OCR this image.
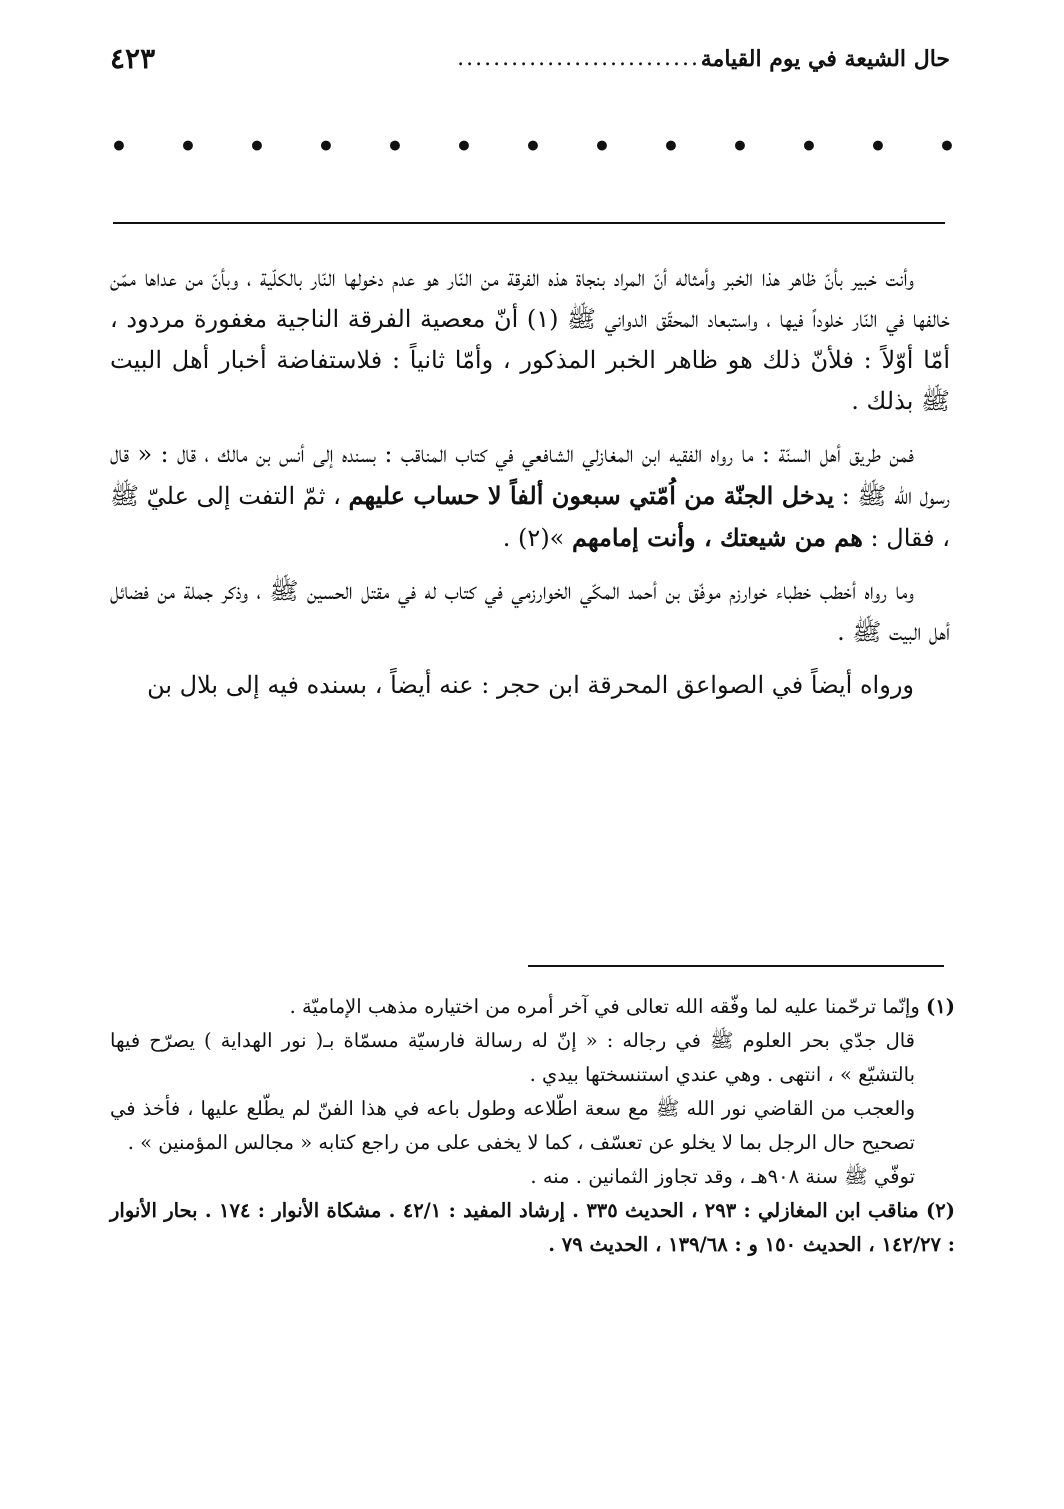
حال الشيعة في يوم القيامة
...........................
٤٢٣
• • • • • • • • • • • • •

وأنت خبير بأنّ ظاهر هذا الخبر وأمثاله أنّ المراد بنجاة هذه الفرقة من النّار هو عدم دخولها النّار بالكلّية ، وبأنّ من عداها ممّن خالفها في النّار خلوداً فيها ، واستبعاد المحقّق الدواني ﷺ (١) أنّ معصية الفرقة الناجية مغفورة مردود ، أمّا أوّلاً : فلأنّ ذلك هو ظاهر الخبر المذكور ، وأمّا ثانياً : فلاستفاضة أخبار أهل البيت ﷺ بذلك .

فمن طريق أهل السنّة : ما رواه الفقيه ابن المغازلي الشافعي في كتاب المناقب : بسنده إلى أنس بن مالك ، قال : « قال رسول الله ﷺ : يدخل الجنّة من اُمّتي سبعون ألفاً لا حساب عليهم ، ثمّ التفت إلى عليّ ﷺ ، فقال : هم من شيعتك ، وأنت إمامهم »(٢) .

وما رواه أخطب خطباء خوارزم موفّق بن أحمد المكّي الخوارزمي في كتاب له في مقتل الحسين ﷺ ، وذكر جملة من فضائل أهل البيت ﷺ .

ورواه أيضاً في الصواعق المحرقة ابن حجر : عنه أيضاً ، بسنده فيه إلى بلال بن

(١) وإنّما ترحّمنا عليه لما وفّقه الله تعالى في آخر أمره من اختياره مذهب الإماميّة .

قال جدّي بحر العلوم ﷺ في رجاله : « إنّ له رسالة فارسيّة مسمّاة بـ( نور الهداية ) يصرّح فيها بالتشيّع » ، انتهى . وهي عندي استنسختها بيدي .

والعجب من القاضي نور الله ﷺ مع سعة اطّلاعه وطول باعه في هذا الفنّ لم يطّلع عليها ، فأخذ في تصحيح حال الرجل بما لا يخلو عن تعسّف ، كما لا يخفى على من راجع كتابه « مجالس المؤمنين » .

توفّي ﷺ سنة ٩٠٨هـ ، وقد تجاوز الثمانين . منه .

(٢) مناقب ابن المغازلي : ٢٩٣ ، الحديث ٣٣٥ . إرشاد المفيد : ٤٢/١ . مشكاة الأنوار : ١٧٤ . بحار الأنوار : ١٤٢/٢٧ ، الحديث ١٥٠ و : ١٣٩/٦٨ ، الحديث ٧٩ .
